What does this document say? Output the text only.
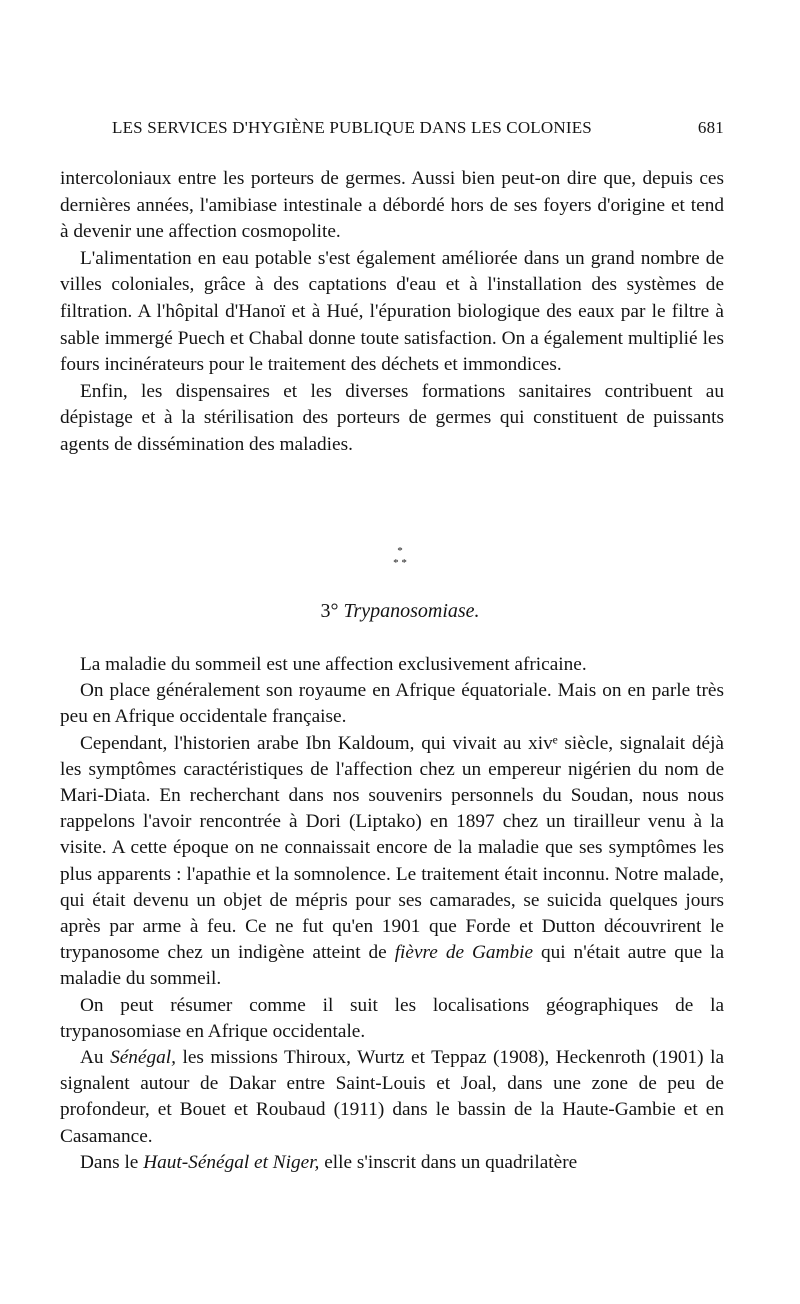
LES SERVICES D'HYGIÈNE PUBLIQUE DANS LES COLONIES	681

intercoloniaux entre les porteurs de germes. Aussi bien peut-on dire que, depuis ces dernières années, l'amibiase intestinale a débordé hors de ses foyers d'origine et tend à devenir une affection cosmopolite.

L'alimentation en eau potable s'est également améliorée dans un grand nombre de villes coloniales, grâce à des captations d'eau et à l'installation des systèmes de filtration. A l'hôpital d'Hanoï et à Hué, l'épuration biologique des eaux par le filtre à sable immergé Puech et Chabal donne toute satisfaction. On a également multiplié les fours incinérateurs pour le traitement des déchets et immondices.

Enfin, les dispensaires et les diverses formations sanitaires contribuent au dépistage et à la stérilisation des porteurs de germes qui constituent de puissants agents de dissémination des maladies.

*
* *
3° Trypanosomiase.

La maladie du sommeil est une affection exclusivement africaine.

On place généralement son royaume en Afrique équatoriale. Mais on en parle très peu en Afrique occidentale française.

Cependant, l'historien arabe Ibn Kaldoum, qui vivait au xivᵉ siècle, signalait déjà les symptômes caractéristiques de l'affection chez un empereur nigérien du nom de Mari-Diata. En recherchant dans nos souvenirs personnels du Soudan, nous nous rappelons l'avoir rencontrée à Dori (Liptako) en 1897 chez un tirailleur venu à la visite. A cette époque on ne connaissait encore de la maladie que ses symptômes les plus apparents : l'apathie et la somnolence. Le traitement était inconnu. Notre malade, qui était devenu un objet de mépris pour ses camarades, se suicida quelques jours après par arme à feu. Ce ne fut qu'en 1901 que Forde et Dutton découvrirent le trypanosome chez un indigène atteint de fièvre de Gambie qui n'était autre que la maladie du sommeil.

On peut résumer comme il suit les localisations géographiques de la trypanosomiase en Afrique occidentale.

Au Sénégal, les missions Thiroux, Wurtz et Teppaz (1908), Heckenroth (1901) la signalent autour de Dakar entre Saint-Louis et Joal, dans une zone de peu de profondeur, et Bouet et Roubaud (1911) dans le bassin de la Haute-Gambie et en Casamance.

Dans le Haut-Sénégal et Niger, elle s'inscrit dans un quadrilatère
